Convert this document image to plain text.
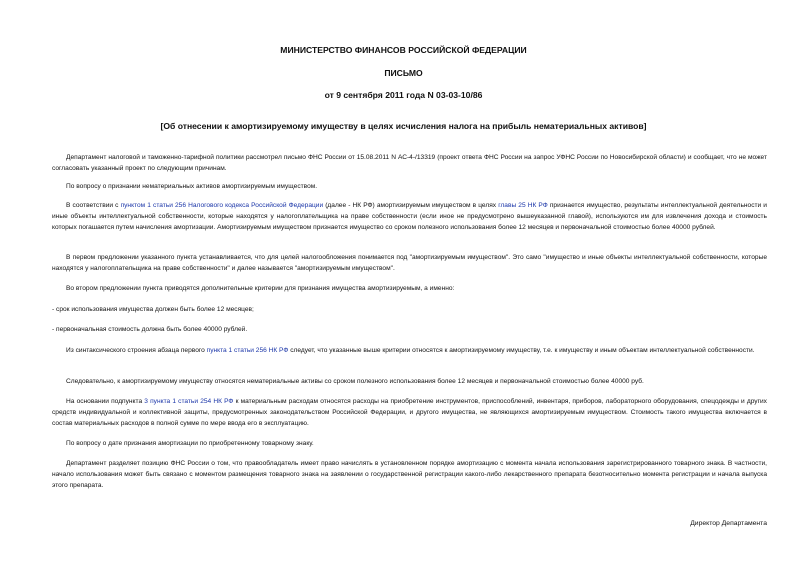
МИНИСТЕРСТВО ФИНАНСОВ РОССИЙСКОЙ ФЕДЕРАЦИИ
ПИСЬМО
от 9 сентября 2011 года N 03-03-10/86
[Об отнесении к амортизируемому имуществу в целях исчисления налога на прибыль нематериальных активов]

Департамент налоговой и таможенно-тарифной политики рассмотрел письмо ФНС России от 15.08.2011 N АС-4-/13319 (проект ответа ФНС России на запрос УФНС России по Новосибирской области) и сообщает, что не может согласовать указанный проект по следующим причинам.

По вопросу о признании нематериальных активов амортизируемым имуществом.

В соответствии с пунктом 1 статьи 256 Налогового кодекса Российской Федерации (далее - НК РФ) амортизируемым имуществом в целях главы 25 НК РФ признается имущество, результаты интеллектуальной деятельности и иные объекты интеллектуальной собственности, которые находятся у налогоплательщика на праве собственности (если иное не предусмотрено вышеуказанной главой), используются им для извлечения дохода и стоимость которых погашается путем начисления амортизации. Амортизируемым имуществом признается имущество со сроком полезного использования более 12 месяцев и первоначальной стоимостью более 40000 рублей.

В первом предложении указанного пункта устанавливается, что для целей налогообложения понимается под "амортизируемым имуществом". Это само "имущество и иные объекты интеллектуальной собственности, которые находятся у налогоплательщика на праве собственности" и далее называется "амортизируемым имуществом".

Во втором предложении пункта приводятся дополнительные критерии для признания имущества амортизируемым, а именно:

- срок использования имущества должен быть более 12 месяцев;

- первоначальная стоимость должна быть более 40000 рублей.

Из синтаксического строения абзаца первого пункта 1 статьи 256 НК РФ следует, что указанные выше критерии относятся к амортизируемому имуществу, т.е. к имуществу и иным объектам интеллектуальной собственности.

Следовательно, к амортизируемому имуществу относятся нематериальные активы со сроком полезного использования более 12 месяцев и первоначальной стоимостью более 40000 руб.

На основании подпункта 3 пункта 1 статьи 254 НК РФ к материальным расходам относятся расходы на приобретение инструментов, приспособлений, инвентаря, приборов, лабораторного оборудования, спецодежды и других средств индивидуальной и коллективной защиты, предусмотренных законодательством Российской Федерации, и другого имущества, не являющихся амортизируемым имуществом. Стоимость такого имущества включается в состав материальных расходов в полной сумме по мере ввода его в эксплуатацию.

По вопросу о дате признания амортизации по приобретенному товарному знаку.

Департамент разделяет позицию ФНС России о том, что правообладатель имеет право начислять в установленном порядке амортизацию с момента начала использования зарегистрированного товарного знака. В частности, начало использования может быть связано с моментом размещения товарного знака на заявлении о государственной регистрации какого-либо лекарственного препарата безотносительно момента регистрации и начала выпуска этого препарата.

Директор Департамента
